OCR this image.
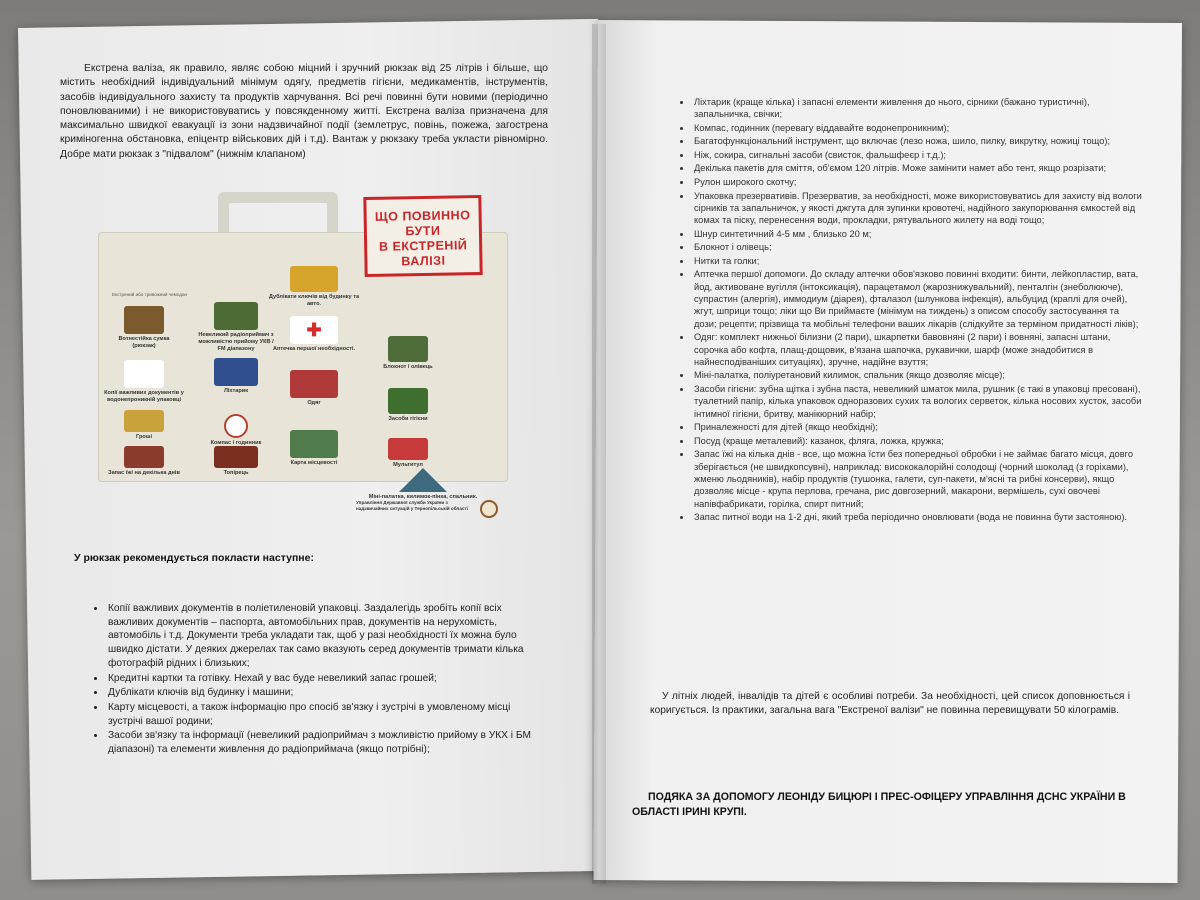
Екстрена валіза, як правило, являє собою міцний і зручний рюкзак від 25 літрів і більше, що містить необхідний індивідуальний мінімум одягу, предметів гігієни, медикаментів, інструментів, засобів індивідуального захисту та продуктів харчування. Всі речі повинні бути новими (періодично поновлюваними) і не використовуватись у повсякденному житті. Екстрена валіза призначена для максимально швидкої евакуації із зони надзвичайної події (землетрус, повінь, пожежа, загострена криміногенна обстановка, епіцентр військових дій і т.д). Вантаж у рюкзаку треба укласти рівномірно. Добре мати рюкзак з "підвалом" (нижнім клапаном)

Екстрений або тривожний чемодан
Вотнестійка сумка (рюкзак)
Копії важливих документів у водонепроникній упаковці
Гроші
Запас їжі на декілька днів
Невеликий радіоприймач з можливістю прийому УКВ / FM діапазону
Ліхтарик
Компас і годинник
Топірець
Дублікати ключів від будинку та авто.
✚
Аптечка першої необхідності.
Одяг
Карта місцевості
Блокнот і олівець
Засоби гігієни
Мультитул
Міні-палатка, килимок-пінка, спальник.
Управління Державної служби України з надзвичайних ситуацій у Тернопільській області
ЩО ПОВИННО
БУТИ
В ЕКСТРЕНІЙ
ВАЛІЗІ
У рюкзак рекомендується покласти наступне:
• Копії важливих документів в поліетиленовій упаковці. Заздалегідь зробіть копії всіх важливих документів – паспорта, автомобільних прав, документів на нерухомість, автомобіль і т.д. Документи треба укладати так, щоб у разі необхідності їх можна було швидко дістати. У деяких джерелах так само вказують серед документів тримати кілька фотографій рідних і близьких;
• Кредитні картки та готівку. Нехай у вас буде невеликий запас грошей;
• Дублікати ключів від будинку і машини;
• Карту місцевості, а також інформацію про спосіб зв'язку і зустрічі в умовленому місці зустрічі вашої родини;
• Засоби зв'язку та інформації (невеликий радіоприймач з можливістю прийому в УКХ і БМ діапазоні) та елементи живлення до радіоприймача (якщо потрібні);
• Ліхтарик (краще кілька) і запасні елементи живлення до нього, сірники (бажано туристичні), запальничка, свічки;
• Компас, годинник (перевагу віддавайте водонепроникним);
• Багатофункціональний інструмент, що включає (лезо ножа, шило, пилку, викрутку, ножиці тощо);
• Ніж, сокира, сигнальні засоби (свисток, фальшфеєр і т.д.);
• Декілька пакетів для сміття, об'ємом 120 літрів. Може замінити намет або тент, якщо розрізати;
• Рулон широкого скотчу;
• Упаковка презервативів. Презерватив, за необхідності, може використовуватись для захисту від вологи сірників та запальничок, у якості джгута для зупинки кровотечі, надійного закупорювання ємкостей від комах та піску, перенесення води, прокладки, рятувального жилету на воді тощо;
• Шнур синтетичний 4-5 мм , близько 20 м;
• Блокнот і олівець;
• Нитки та голки;
• Аптечка першої допомоги. До складу аптечки обов'язково повинні входити: бинти, лейкопластир, вата, йод, активоване вугілля (інтоксикація), парацетамол (жарознижувальний), пенталгін (знеболююче), супрастин (алергія), иммодиум (діарея), фталазол (шлункова інфекція), альбуцид (краплі для очей), жгут, шприци тощо; ліки що Ви приймаєте (мінімум на тиждень) з описом способу застосування та дози; рецепти; прізвища та мобільні телефони ваших лікарів (слідкуйте за терміном придатності ліків);
• Одяг: комплект нижньої білизни (2 пари), шкарпетки бавовняні (2 пари) і вовняні, запасні штани, сорочка або кофта, плащ-дощовик, в'язана шапочка, рукавички, шарф (може знадобитися в найнесподіваніших ситуаціях), зручне, надійне взуття;
• Міні-палатка, поліуретановий килимок, спальник (якщо дозволяє місце);
• Засоби гігієни: зубна щітка і зубна паста, невеликий шматок мила, рушник (є такі в упаковці пресовані), туалетний папір, кілька упаковок одноразових сухих та вологих серветок, кілька носових хусток, засоби інтимної гігієни, бритву, манікюрний набір;
• Приналежності для дітей (якщо необхідні);
• Посуд (краще металевий): казанок, фляга, ложка, кружка;
• Запас їжі на кілька днів - все, що можна їсти без попередньої обробки і не займає багато місця, довго зберігається (не швидкопсувні), наприклад: висококалорійні солодощі (чорний шоколад (з горіхами), жменю льодяників), набір продуктів (тушонка, галети, суп-пакети, м'ясні та рибні консерви), якщо дозволяє місце - крупа перлова, гречана, рис довгозерний, макарони, вермішель, сухі овочеві напівфабрикати, горілка, спирт питний;
• Запас питної води на 1-2 дні, який треба періодично оновлювати (вода не повинна бути застояною).

У літніх людей, інвалідів та дітей є особливі потреби. За необхідності, цей список доповнюється і коригується. Із практики, загальна вага "Екстреної валізи" не повинна перевищувати 50 кілограмів.

ПОДЯКА ЗА ДОПОМОГУ ЛЕОНІДУ БИЦЮРІ І ПРЕС-ОФІЦЕРУ УПРАВЛІННЯ ДСНС УКРАЇНИ В ОБЛАСТІ ІРИНІ КРУПІ.
